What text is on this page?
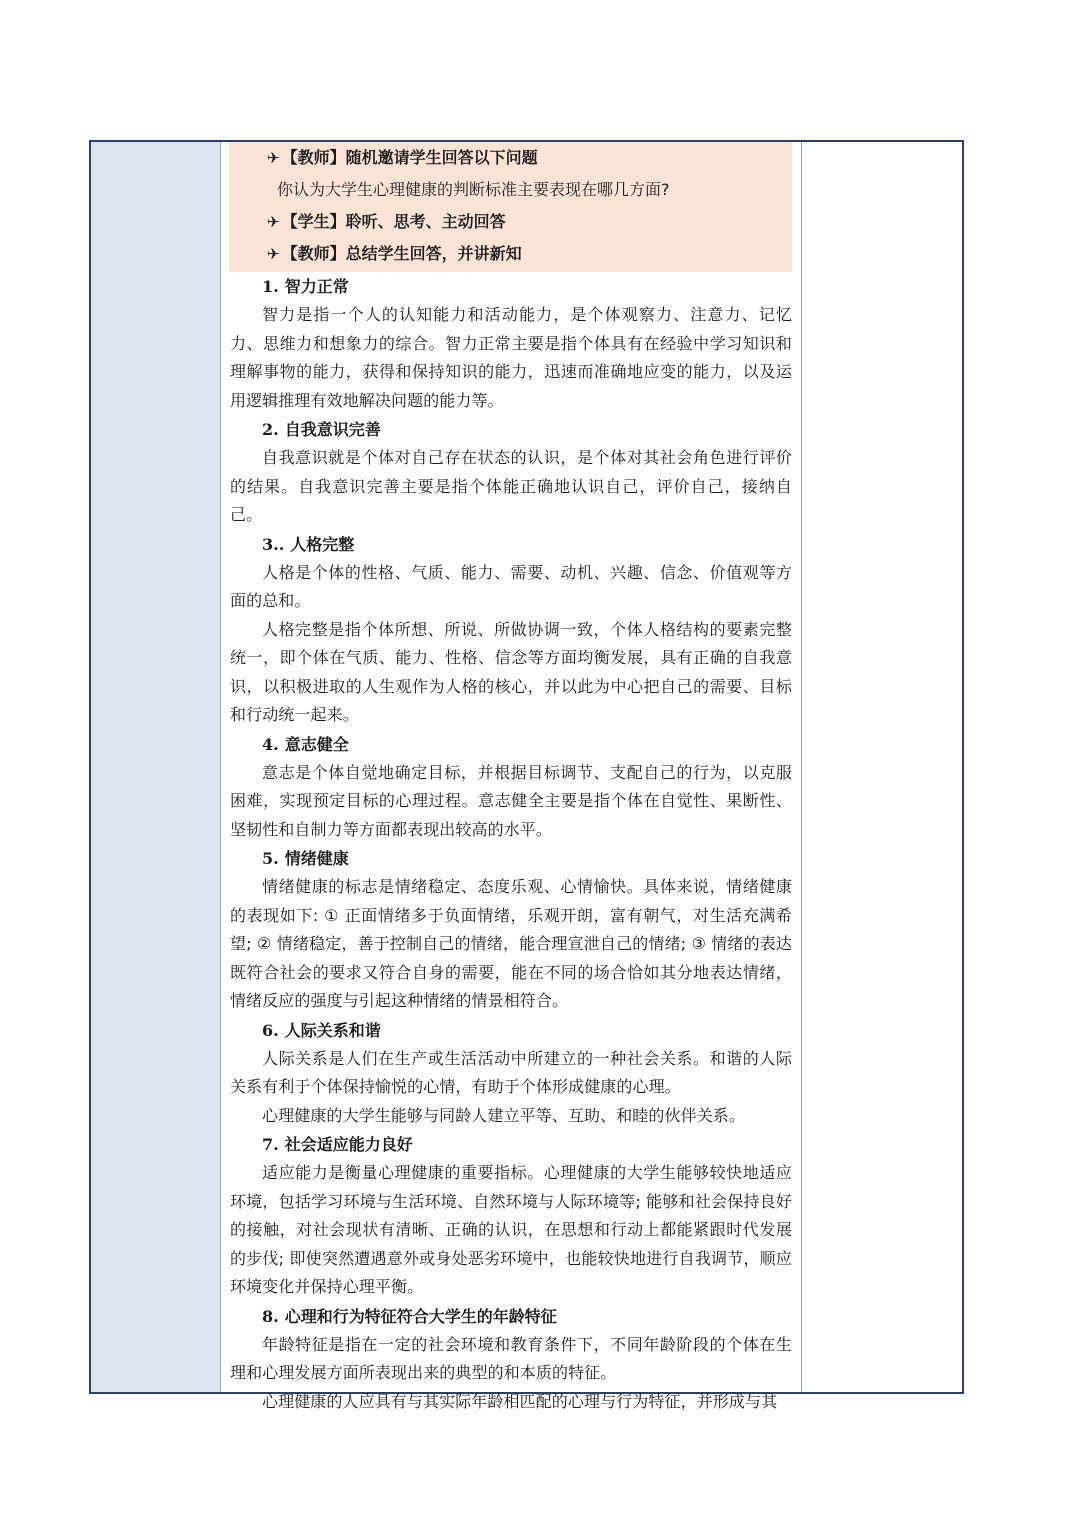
✈ 【教师】随机邀请学生回答以下问题
你认为大学生心理健康的判断标准主要表现在哪几方面?
✈ 【学生】聆听、思考、主动回答
✈ 【教师】总结学生回答，并讲新知
1. 智力正常

智力是指一个人的认知能力和活动能力，是个体观察力、注意力、记忆力、思维力和想象力的综合。智力正常主要是指个体具有在经验中学习知识和理解事物的能力，获得和保持知识的能力，迅速而准确地应变的能力，以及运用逻辑推理有效地解决问题的能力等。

2. 自我意识完善

自我意识就是个体对自己存在状态的认识，是个体对其社会角色进行评价的结果。自我意识完善主要是指个体能正确地认识自己，评价自己，接纳自己。

3.. 人格完整

人格是个体的性格、气质、能力、需要、动机、兴趣、信念、价值观等方面的总和。

人格完整是指个体所想、所说、所做协调一致，个体人格结构的要素完整统一，即个体在气质、能力、性格、信念等方面均衡发展，具有正确的自我意识，以积极进取的人生观作为人格的核心，并以此为中心把自己的需要、目标和行动统一起来。

4. 意志健全

意志是个体自觉地确定目标，并根据目标调节、支配自己的行为，以克服困难，实现预定目标的心理过程。意志健全主要是指个体在自觉性、果断性、坚韧性和自制力等方面都表现出较高的水平。

5. 情绪健康

情绪健康的标志是情绪稳定、态度乐观、心情愉快。具体来说，情绪健康的表现如下: ① 正面情绪多于负面情绪，乐观开朗，富有朝气，对生活充满希望; ② 情绪稳定，善于控制自己的情绪，能合理宣泄自己的情绪; ③ 情绪的表达既符合社会的要求又符合自身的需要，能在不同的场合恰如其分地表达情绪，情绪反应的强度与引起这种情绪的情景相符合。

6. 人际关系和谐

人际关系是人们在生产或生活活动中所建立的一种社会关系。和谐的人际关系有利于个体保持愉悦的心情，有助于个体形成健康的心理。

心理健康的大学生能够与同龄人建立平等、互助、和睦的伙伴关系。

7. 社会适应能力良好

适应能力是衡量心理健康的重要指标。心理健康的大学生能够较快地适应环境，包括学习环境与生活环境、自然环境与人际环境等; 能够和社会保持良好的接触，对社会现状有清晰、正确的认识，在思想和行动上都能紧跟时代发展的步伐; 即使突然遭遇意外或身处恶劣环境中，也能较快地进行自我调节，顺应环境变化并保持心理平衡。

8. 心理和行为特征符合大学生的年龄特征

年龄特征是指在一定的社会环境和教育条件下，不同年龄阶段的个体在生理和心理发展方面所表现出来的典型的和本质的特征。

心理健康的人应具有与其实际年龄相匹配的心理与行为特征，并形成与其
